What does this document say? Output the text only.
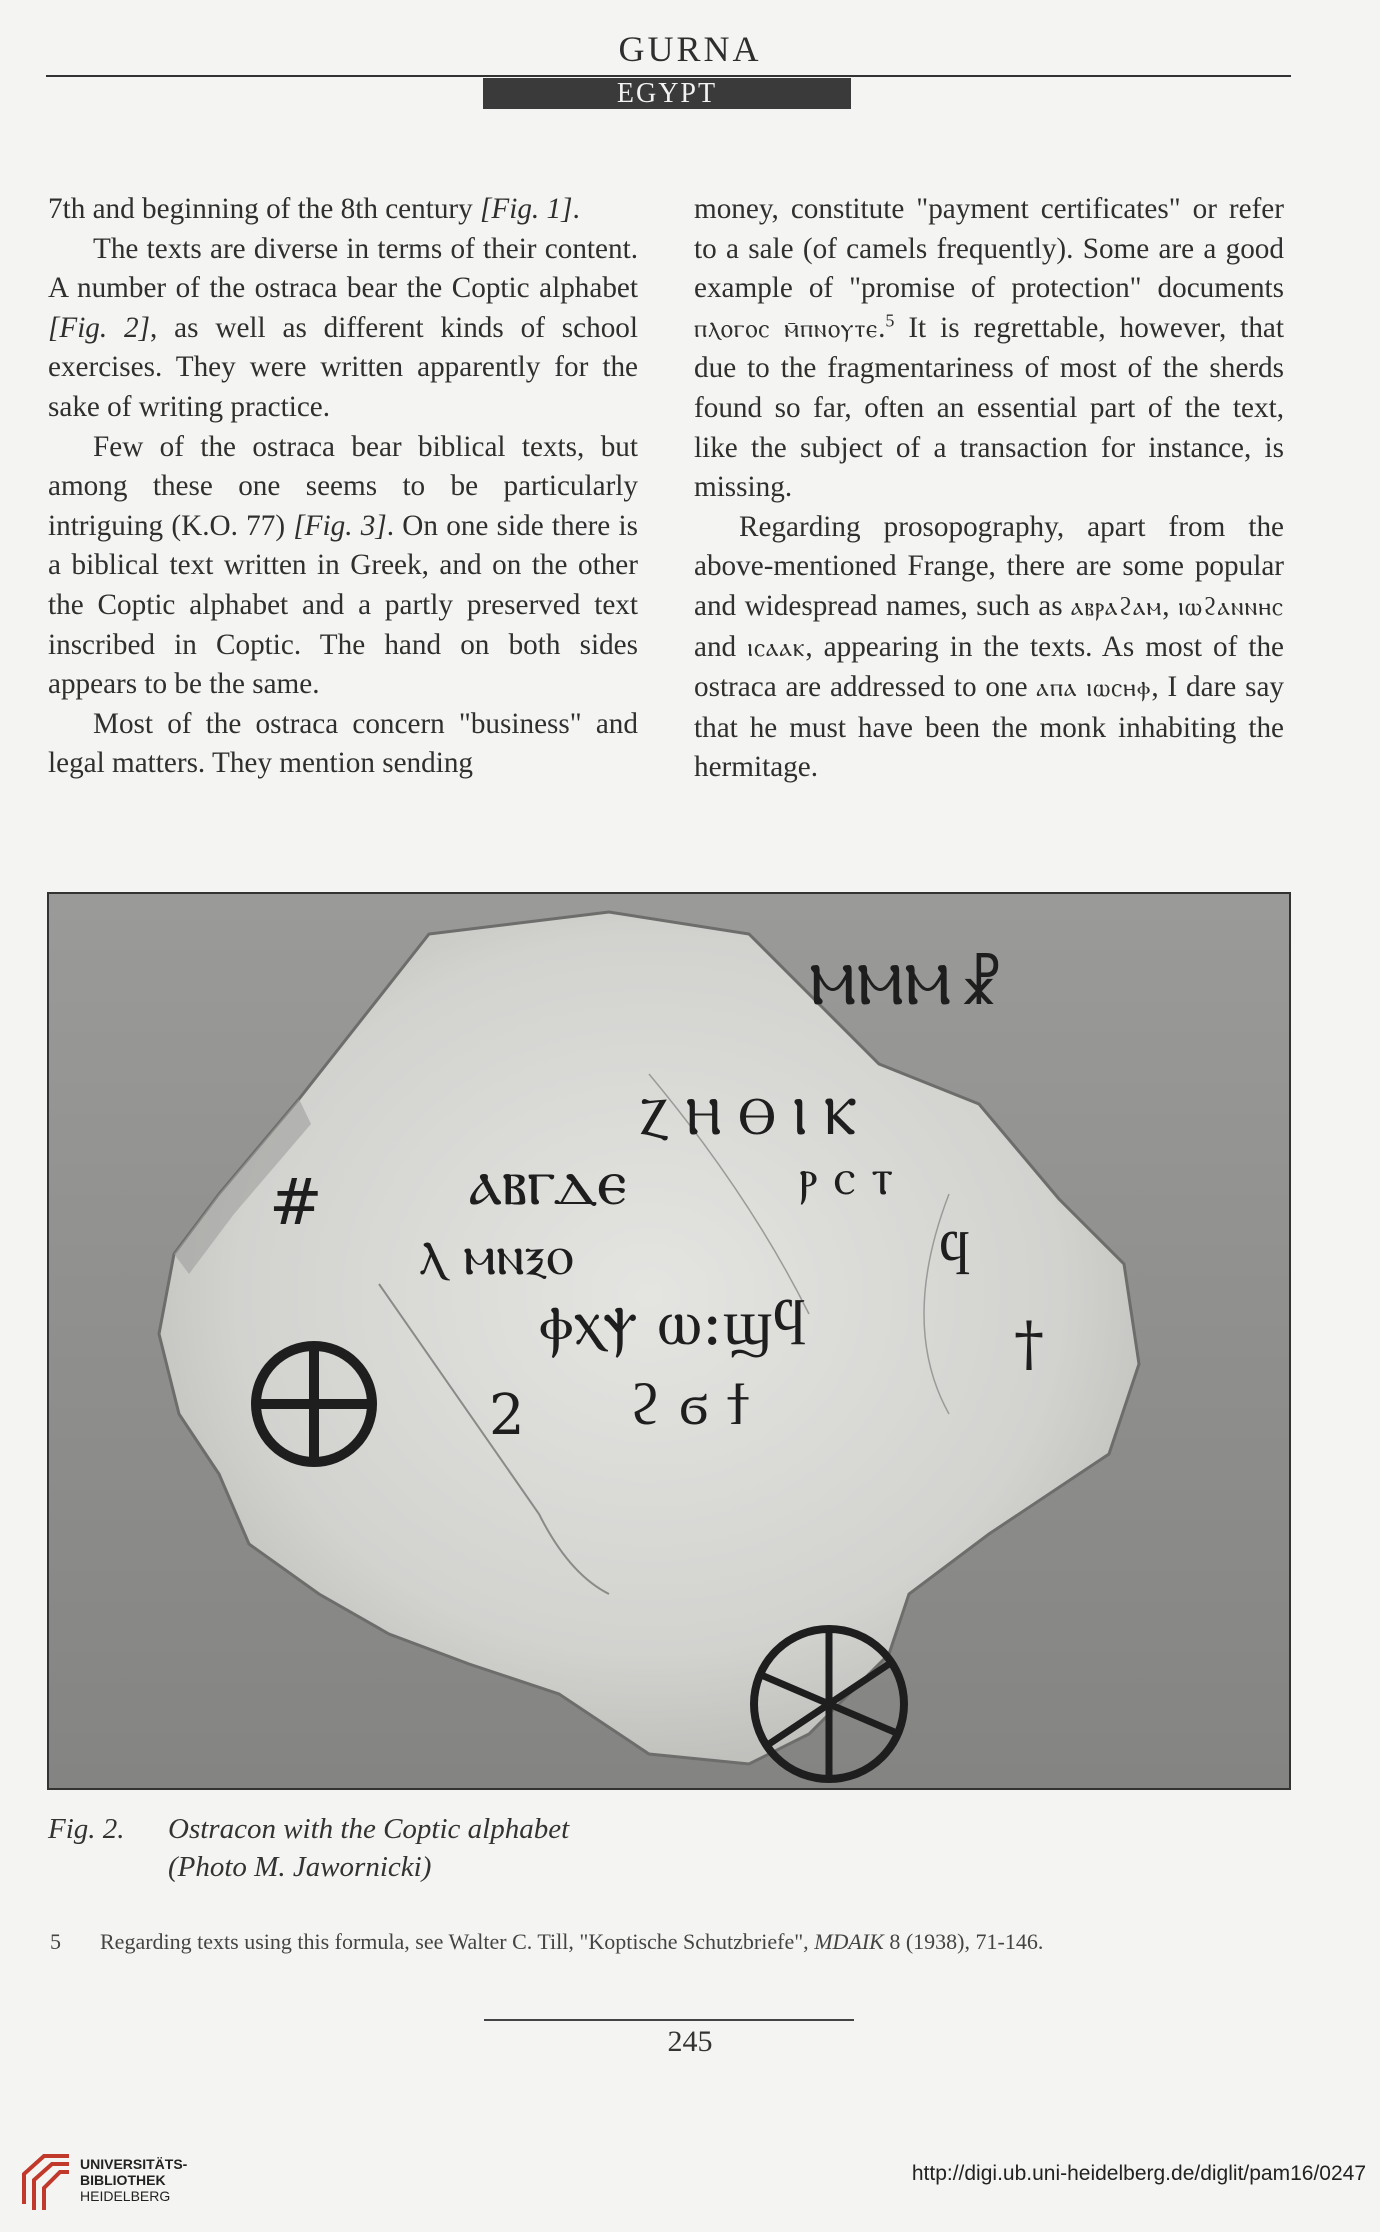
GURNA
EGYPT

7th and beginning of the 8th century [Fig. 1].

The texts are diverse in terms of their content. A number of the ostraca bear the Coptic alphabet [Fig. 2], as well as different kinds of school exercises. They were written apparently for the sake of writing practice.

Few of the ostraca bear biblical texts, but among these one seems to be particularly intriguing (K.O. 77) [Fig. 3]. On one side there is a biblical text written in Greek, and on the other the Coptic alphabet and a partly preserved text inscribed in Coptic. The hand on both sides appears to be the same.

Most of the ostraca concern "business" and legal matters. They mention sending

money, constitute "payment certificates" or refer to a sale (of camels frequently). Some are a good example of "promise of protection" documents ⲡⲗⲟⲅⲟⲥ ⲙ̄ⲡⲛⲟⲩⲧⲉ.$^5$ It is regrettable, however, that due to the fragmentariness of most of the sherds found so far, often an essential part of the text, like the subject of a transaction for instance, is missing.

Regarding prosopography, apart from the above-mentioned Frange, there are some popular and widespread names, such as ⲁⲃⲣⲁϩⲁⲙ, ⲓⲱϩⲁⲛⲛⲏⲥ and ⲓⲥⲁⲁⲕ, appearing in the texts. As most of the ostraca are addressed to one ⲁⲡⲁ ⲓⲱⲥⲏⲫ, I dare say that he must have been the monk inhabiting the hermitage.

ⲘⲘⲘ ☧
Ⲍ Ⲏ Ⲑ Ⲓ Ⲕ
ⲁⲃⲅⲇⲉ	ⲣ ⲥ ⲧ
ⲗ ⲙⲛⲝⲟ	ϥ
ⲫⲭⲯ ⲱ:ϣϥ
ϩ ϭ ϯ
†
2
#
Fig. 2. Ostracon with the Coptic alphabet
(Photo M. Jawornicki)
5 Regarding texts using this formula, see Walter C. Till, "Koptische Schutzbriefe", MDAIK 8 (1938), 71-146.
245
UNIVERSITÄTS-
BIBLIOTHEK
HEIDELBERG
http://digi.ub.uni-heidelberg.de/diglit/pam16/0247
